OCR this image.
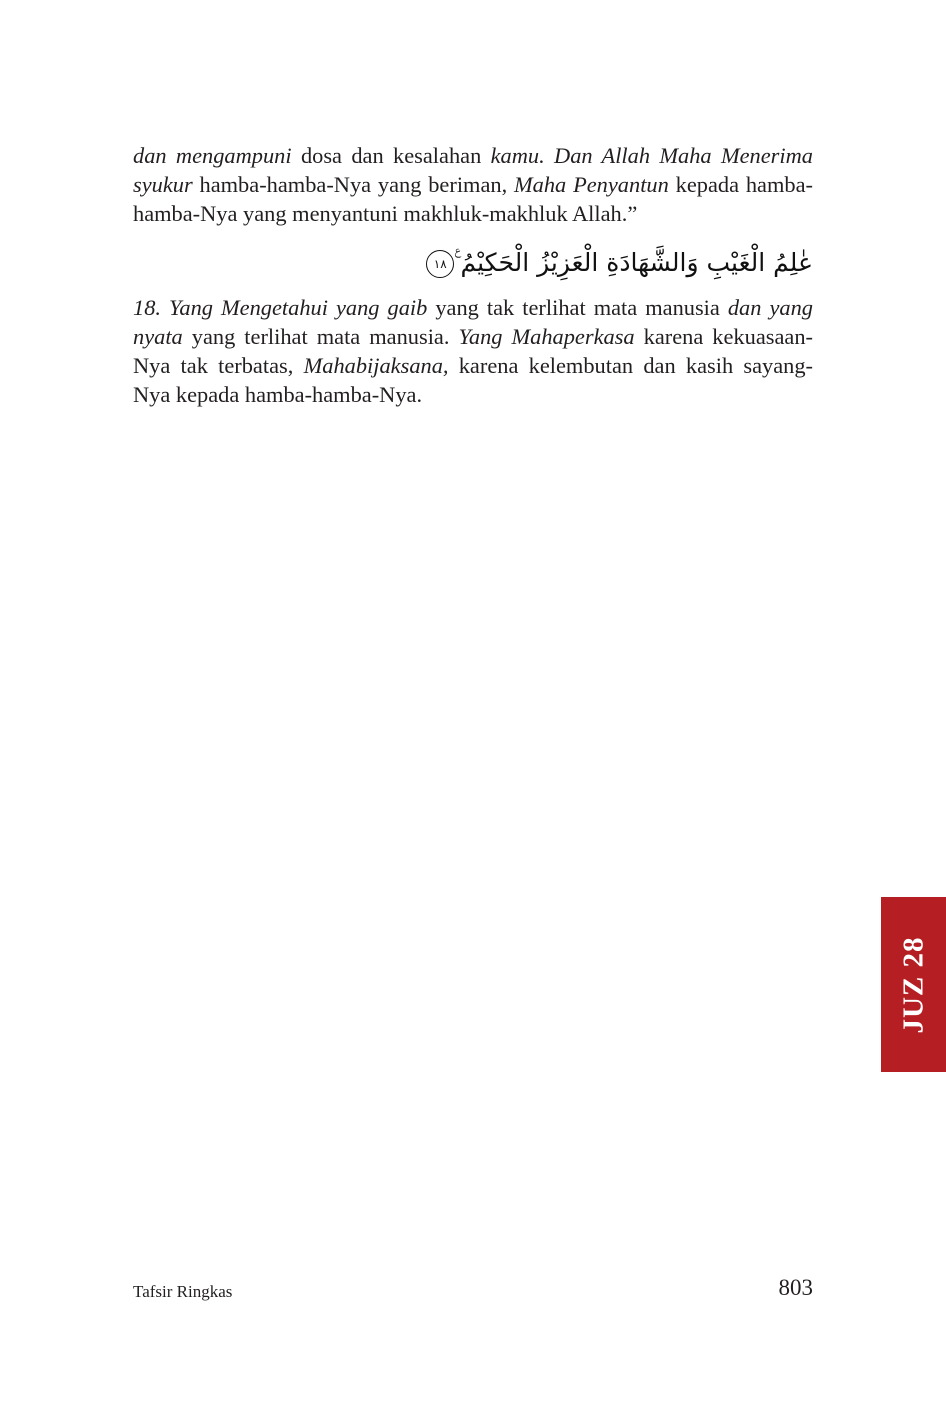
dan mengampuni dosa dan kesalahan kamu. Dan Allah Maha Menerima syukur hamba-hamba-Nya yang beriman, Maha Penyantun kepada hamba-hamba-Nya yang menyantuni makhluk-makhluk Allah.”

عٰلِمُ الْغَيْبِ وَالشَّهَادَةِ الْعَزِيْزُ الْحَكِيْمُ ࣖ١٨

18. Yang Mengetahui yang gaib yang tak terlihat mata manusia dan yang nyata yang terlihat mata manusia. Yang Mahaperkasa karena kekuasaan-Nya tak terbatas, Mahabijaksana, karena kelembutan dan kasih sayang-Nya kepada hamba-hamba-Nya.

JUZ 28
Tafsir Ringkas	803
